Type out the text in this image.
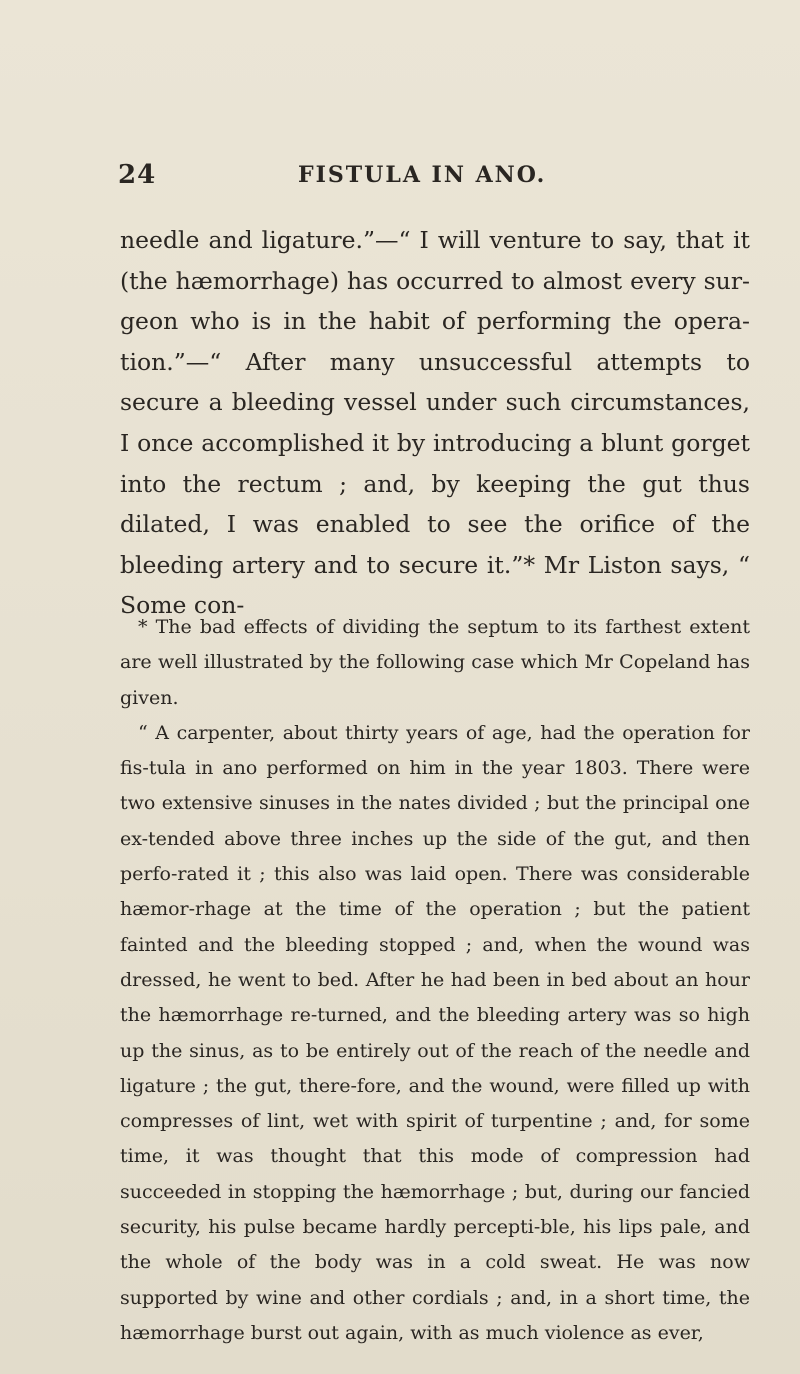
24	FISTULA IN ANO.

needle and ligature.”—“ I will venture to say, that it (the hæmorrhage) has occurred to almost every sur-geon who is in the habit of performing the opera-tion.”—“ After many unsuccessful attempts to secure a bleeding vessel under such circumstances, I once accomplished it by introducing a blunt gorget into the rectum ; and, by keeping the gut thus dilated, I was enabled to see the orifice of the bleeding artery and to secure it.”* Mr Liston says, “ Some con-

* The bad effects of dividing the septum to its farthest extent are well illustrated by the following case which Mr Copeland has given.

“ A carpenter, about thirty years of age, had the operation for fis-tula in ano performed on him in the year 1803. There were two extensive sinuses in the nates divided ; but the principal one ex-tended above three inches up the side of the gut, and then perfo-rated it ; this also was laid open. There was considerable hæmor-rhage at the time of the operation ; but the patient fainted and the bleeding stopped ; and, when the wound was dressed, he went to bed. After he had been in bed about an hour the hæmorrhage re-turned, and the bleeding artery was so high up the sinus, as to be entirely out of the reach of the needle and ligature ; the gut, there-fore, and the wound, were filled up with compresses of lint, wet with spirit of turpentine ; and, for some time, it was thought that this mode of compression had succeeded in stopping the hæmorrhage ; but, during our fancied security, his pulse became hardly percepti-ble, his lips pale, and the whole of the body was in a cold sweat. He was now supported by wine and other cordials ; and, in a short time, the hæmorrhage burst out again, with as much violence as ever,
